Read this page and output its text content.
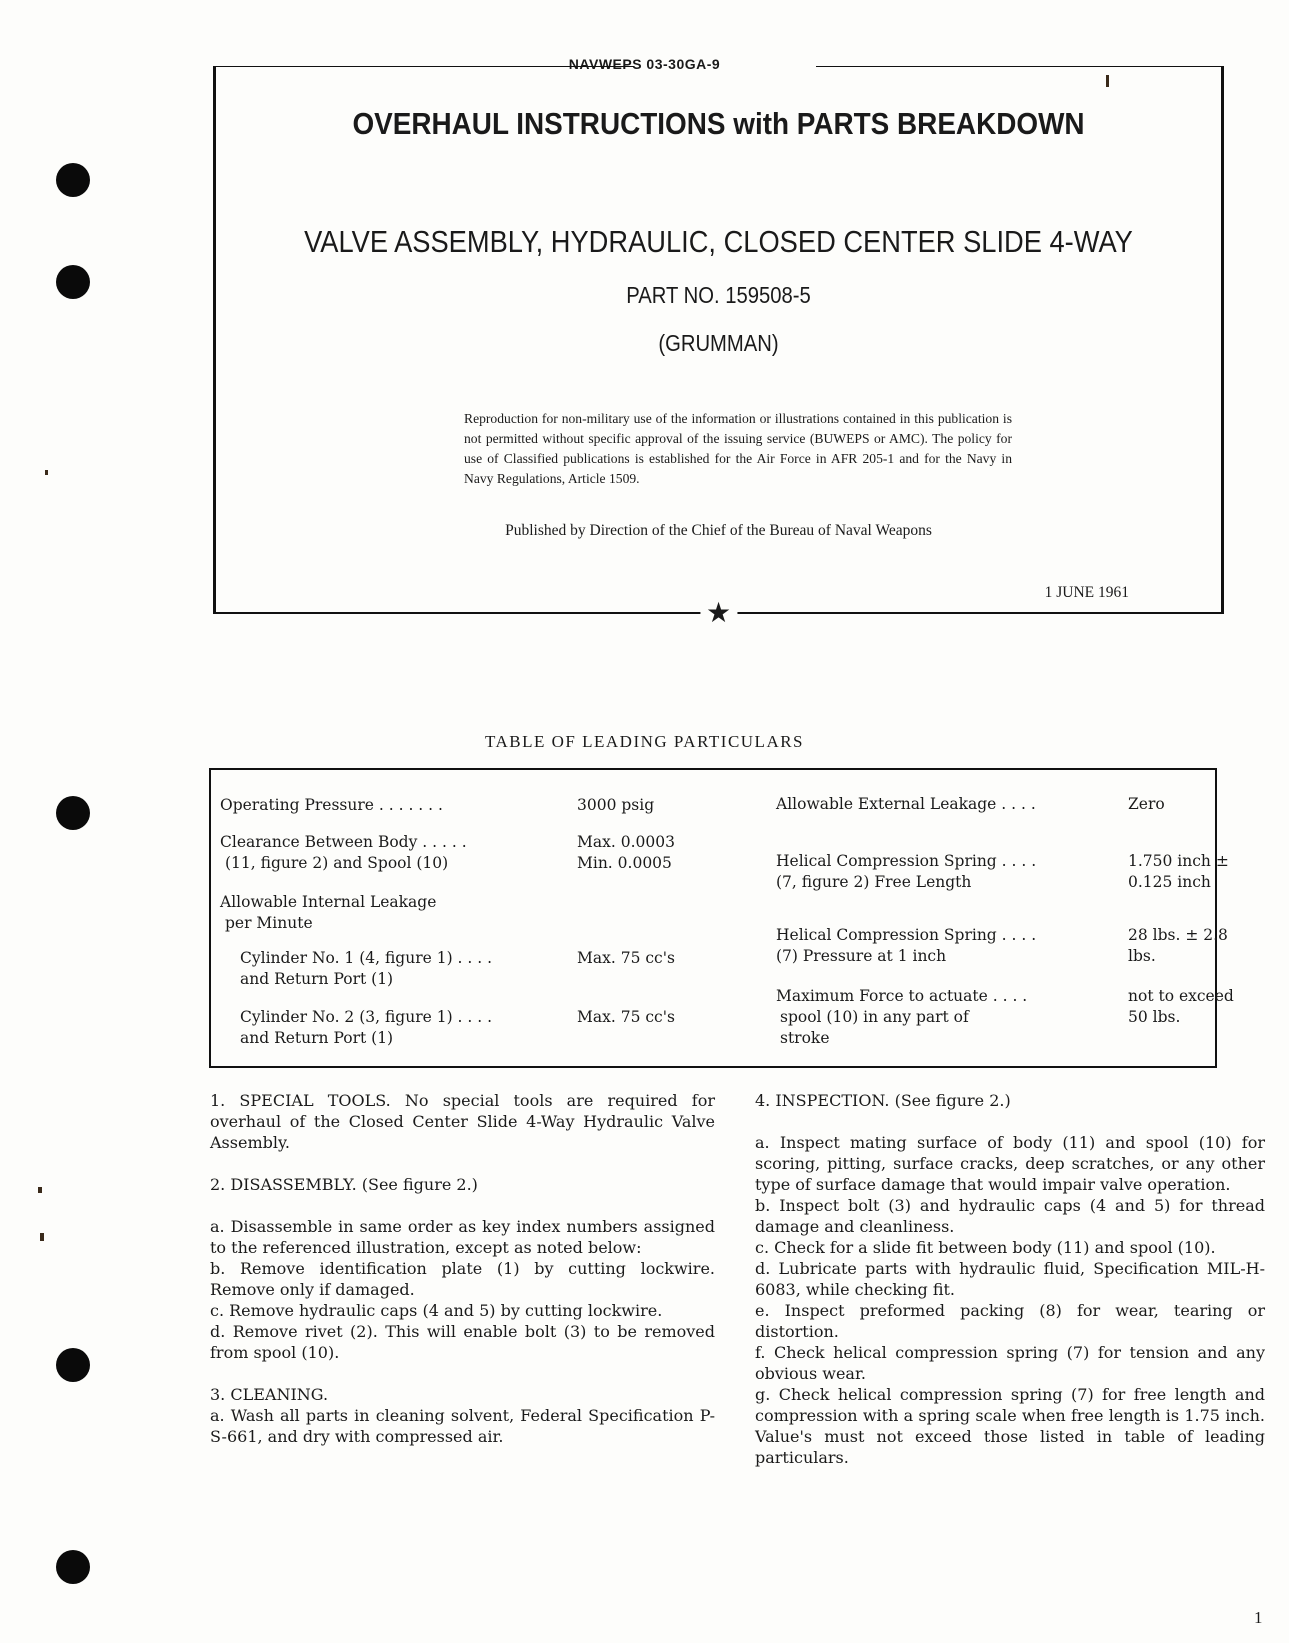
NAVWEPS 03-30GA-9
OVERHAUL INSTRUCTIONS with PARTS BREAKDOWN
VALVE ASSEMBLY, HYDRAULIC, CLOSED CENTER SLIDE 4-WAY
PART NO. 159508-5
(GRUMMAN)
Reproduction for non-military use of the information or illustrations contained in this publication is not permitted without specific approval of the issuing service (BUWEPS or AMC). The policy for use of Classified publications is established for the Air Force in AFR 205-1 and for the Navy in Navy Regulations, Article 1509.
Published by Direction of the Chief of the Bureau of Naval Weapons
1 JUNE 1961
★
TABLE OF LEADING PARTICULARS
Operating Pressure . . . . . . .	3000 psig
Clearance Between Body . . . . .
(11, figure 2) and Spool (10)
Max. 0.0003
Min. 0.0005
Allowable Internal Leakage
per Minute
Cylinder No. 1 (4, figure 1) . . . .
and Return Port (1)
Max. 75 cc's
Cylinder No. 2 (3, figure 1) . . . .
and Return Port (1)
Max. 75 cc's
Allowable External Leakage . . . .	Zero
Helical Compression Spring . . . .
(7, figure 2) Free Length
1.750 inch ±
0.125 inch
Helical Compression Spring . . . .
(7) Pressure at 1 inch
28 lbs. ± 2.8
lbs.
Maximum Force to actuate . . . .
spool (10) in any part of
stroke
not to exceed
50 lbs.

1. SPECIAL TOOLS. No special tools are required for overhaul of the Closed Center Slide 4-Way Hydraulic Valve Assembly.

2. DISASSEMBLY. (See figure 2.)

a. Disassemble in same order as key index numbers assigned to the referenced illustration, except as noted below:

b. Remove identification plate (1) by cutting lockwire. Remove only if damaged.

c. Remove hydraulic caps (4 and 5) by cutting lockwire.

d. Remove rivet (2). This will enable bolt (3) to be removed from spool (10).

3. CLEANING.

a. Wash all parts in cleaning solvent, Federal Specification P-S-661, and dry with compressed air.

4. INSPECTION. (See figure 2.)

a. Inspect mating surface of body (11) and spool (10) for scoring, pitting, surface cracks, deep scratches, or any other type of surface damage that would impair valve operation.

b. Inspect bolt (3) and hydraulic caps (4 and 5) for thread damage and cleanliness.

c. Check for a slide fit between body (11) and spool (10).

d. Lubricate parts with hydraulic fluid, Specification MIL-H-6083, while checking fit.

e. Inspect preformed packing (8) for wear, tearing or distortion.

f. Check helical compression spring (7) for tension and any obvious wear.

g. Check helical compression spring (7) for free length and compression with a spring scale when free length is 1.75 inch. Value's must not exceed those listed in table of leading particulars.

1
